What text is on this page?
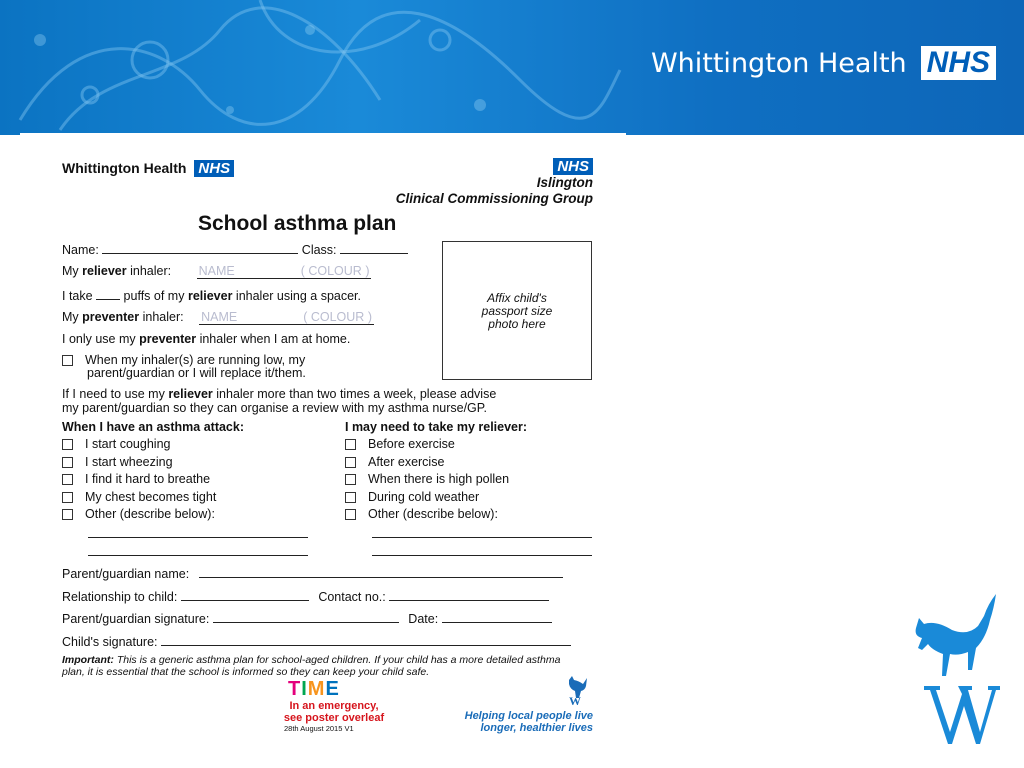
Whittington Health NHS
Whittington Health NHS	NHS
Islington
Clinical Commissioning Group
School asthma plan
Name:	Class:
My reliever inhaler: NAME	( COLOUR )
I take puffs of my reliever inhaler using a spacer.
My preventer inhaler: NAME	( COLOUR )
I only use my preventer inhaler when I am at home.
Affix child's
passport size
photo here
When my inhaler(s) are running low, my
parent/guardian or I will replace it/them.
If I need to use my reliever inhaler more than two times a week, please advise
my parent/guardian so they can organise a review with my asthma nurse/GP.
When I have an asthma attack:	I may need to take my reliever:
I start coughing
I start wheezing
I find it hard to breathe
My chest becomes tight
Other (describe below):
Before exercise
After exercise
When there is high pollen
During cold weather
Other (describe below):
Parent/guardian name:
Relationship to child:	Contact no.:
Parent/guardian signature:	Date:
Child's signature:
Important: This is a generic asthma plan for school-aged children. If your child has a more detailed asthma plan, it is essential that the school is informed so they can keep your child safe.
TIME
In an emergency,
see poster overleaf
28th August 2015 V1
W
Helping local people live
longer, healthier lives
